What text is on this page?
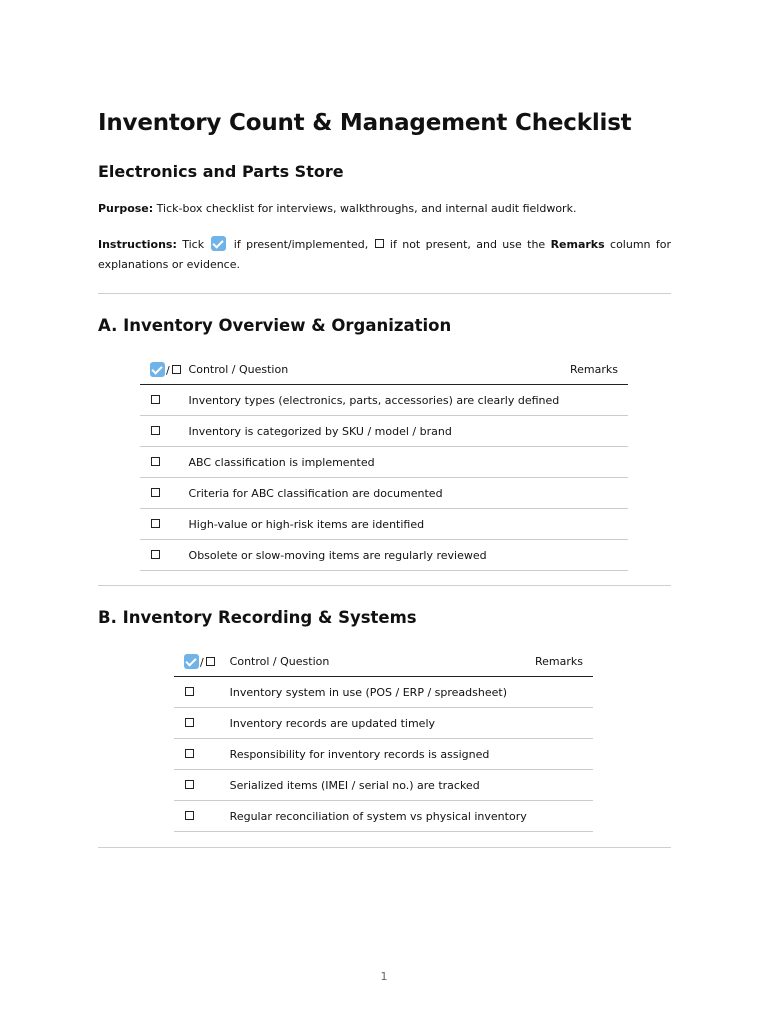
Inventory Count & Management Checklist
Electronics and Parts Store

Purpose: Tick-box checklist for interviews, walkthroughs, and internal audit fieldwork.

Instructions: Tick  if present/implemented,  if not present, and use the Remarks column for explanations or evidence.

A. Inventory Overview & Organization
/	Control / Question	Remarks
	Inventory types (electronics, parts, accessories) are clearly defined	
	Inventory is categorized by SKU / model / brand	
	ABC classification is implemented	
	Criteria for ABC classification are documented	
	High-value or high-risk items are identified	
	Obsolete or slow-moving items are regularly reviewed	
B. Inventory Recording & Systems
/	Control / Question	Remarks
	Inventory system in use (POS / ERP / spreadsheet)	
	Inventory records are updated timely	
	Responsibility for inventory records is assigned	
	Serialized items (IMEI / serial no.) are tracked	
	Regular reconciliation of system vs physical inventory	
1
